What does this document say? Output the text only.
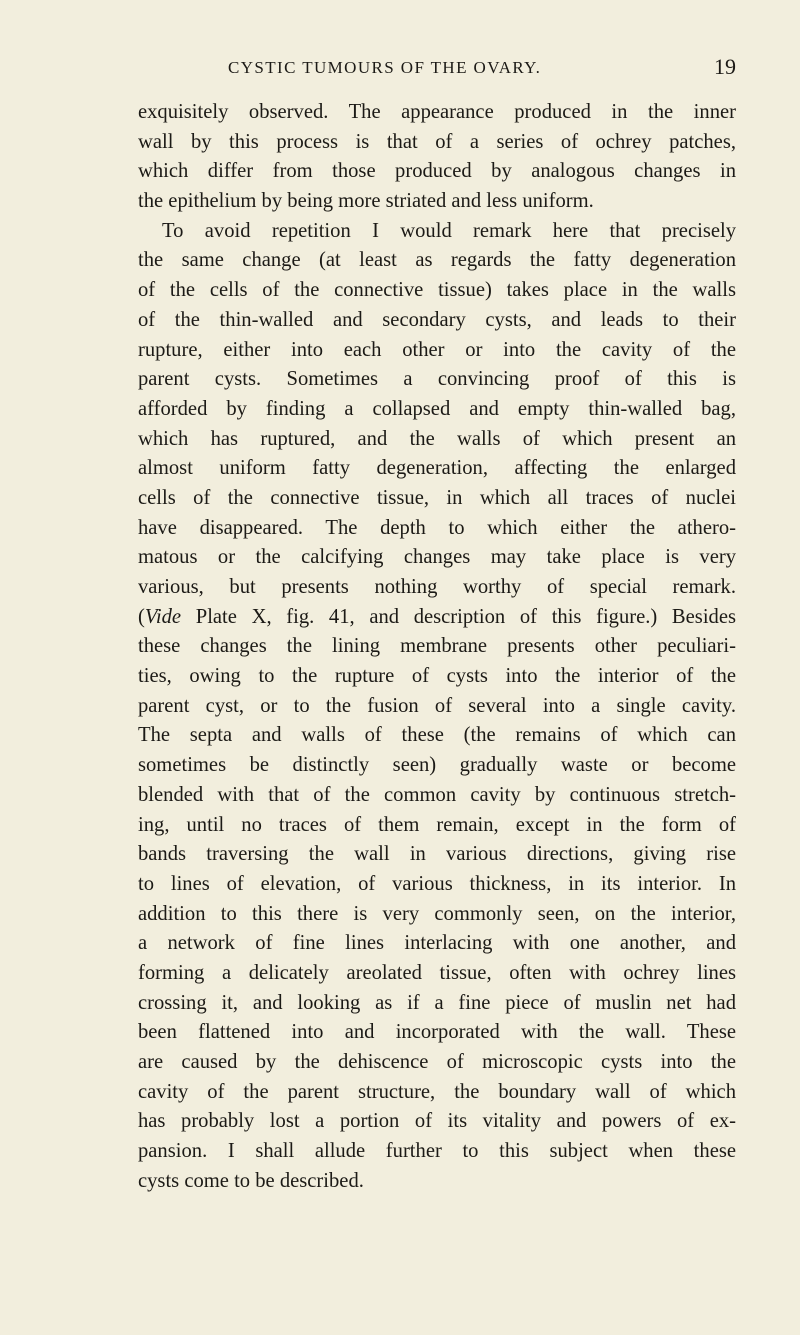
CYSTIC TUMOURS OF THE OVARY.	19
exquisitely observed. The appearance produced in the inner
wall by this process is that of a series of ochrey patches,
which differ from those produced by analogous changes in
the epithelium by being more striated and less uniform.
To avoid repetition I would remark here that precisely
the same change (at least as regards the fatty degeneration
of the cells of the connective tissue) takes place in the walls
of the thin-walled and secondary cysts, and leads to their
rupture, either into each other or into the cavity of the
parent cysts. Sometimes a convincing proof of this is
afforded by finding a collapsed and empty thin-walled bag,
which has ruptured, and the walls of which present an
almost uniform fatty degeneration, affecting the enlarged
cells of the connective tissue, in which all traces of nuclei
have disappeared. The depth to which either the athero-
matous or the calcifying changes may take place is very
various, but presents nothing worthy of special remark.
(Vide Plate X, fig. 41, and description of this figure.) Besides
these changes the lining membrane presents other peculiari-
ties, owing to the rupture of cysts into the interior of the
parent cyst, or to the fusion of several into a single cavity.
The septa and walls of these (the remains of which can
sometimes be distinctly seen) gradually waste or become
blended with that of the common cavity by continuous stretch-
ing, until no traces of them remain, except in the form of
bands traversing the wall in various directions, giving rise
to lines of elevation, of various thickness, in its interior. In
addition to this there is very commonly seen, on the interior,
a network of fine lines interlacing with one another, and
forming a delicately areolated tissue, often with ochrey lines
crossing it, and looking as if a fine piece of muslin net had
been flattened into and incorporated with the wall. These
are caused by the dehiscence of microscopic cysts into the
cavity of the parent structure, the boundary wall of which
has probably lost a portion of its vitality and powers of ex-
pansion. I shall allude further to this subject when these
cysts come to be described.
